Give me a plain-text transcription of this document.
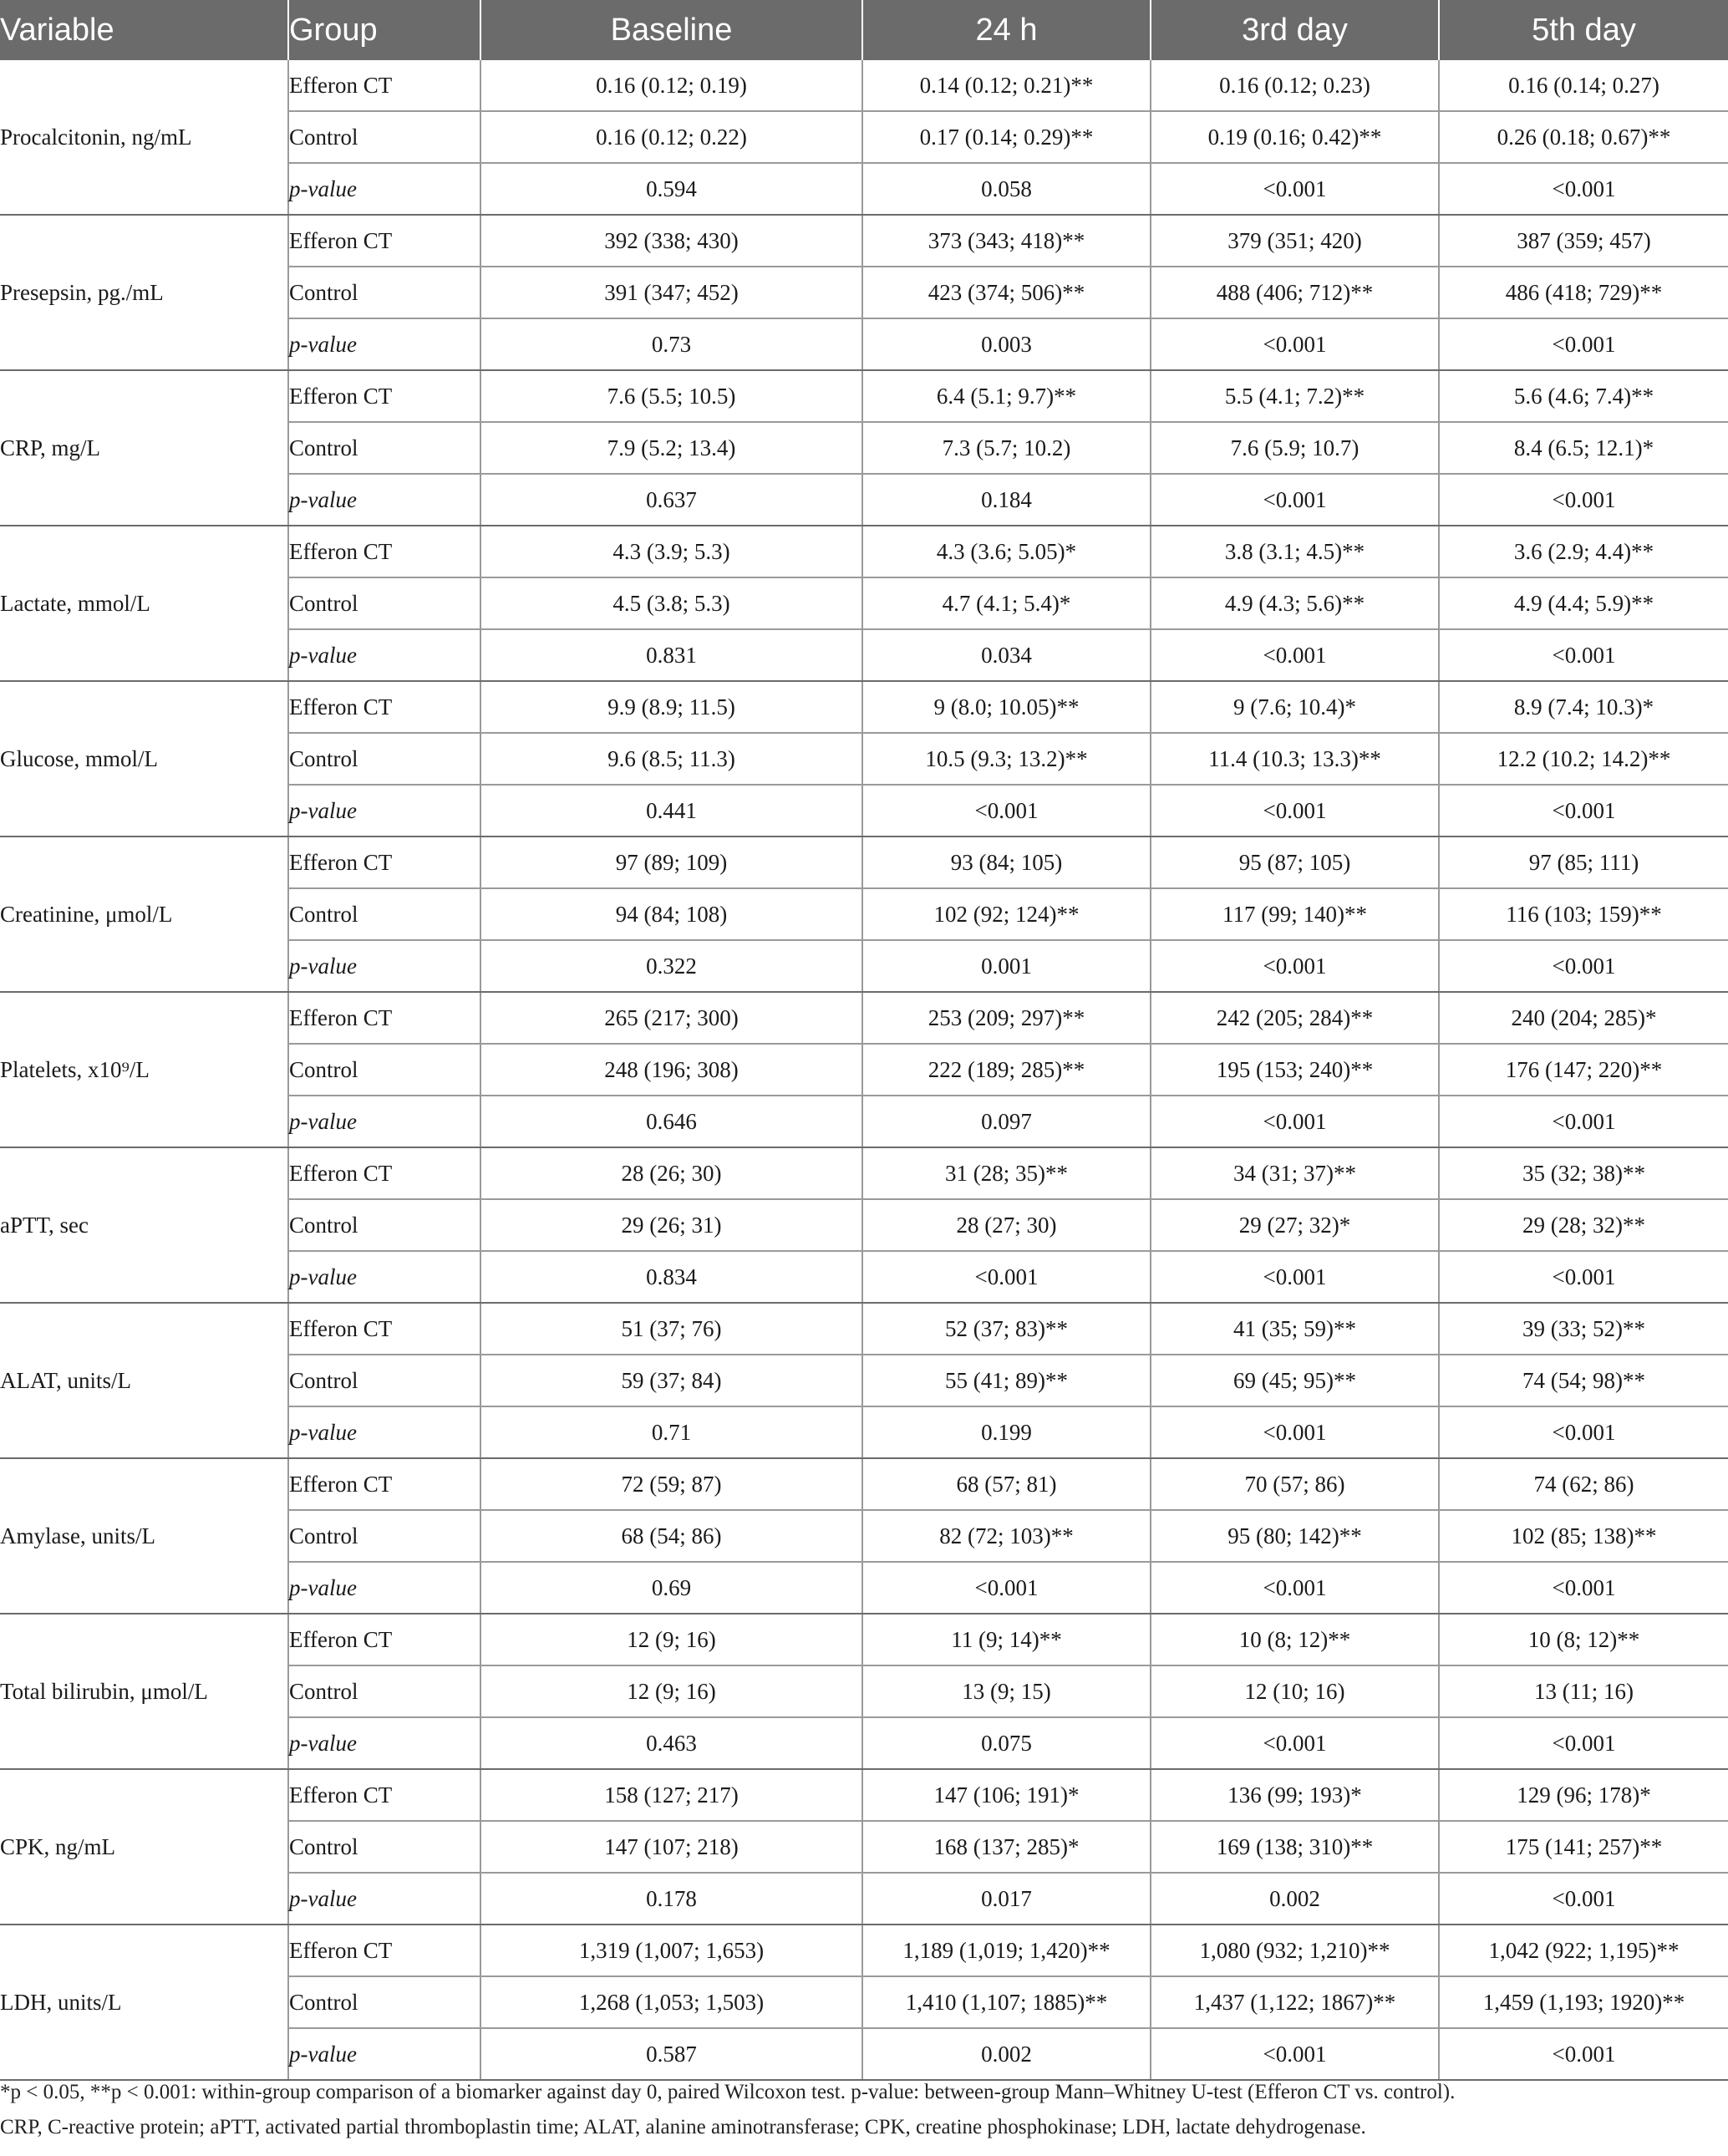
Variable	Group	Baseline	24 h	3rd day	5th day
Procalcitonin, ng/mL	Efferon CT	0.16 (0.12; 0.19)	0.14 (0.12; 0.21)**	0.16 (0.12; 0.23)	0.16 (0.14; 0.27)
	Control	0.16 (0.12; 0.22)	0.17 (0.14; 0.29)**	0.19 (0.16; 0.42)**	0.26 (0.18; 0.67)**
	p-value	0.594	0.058	<0.001	<0.001
Presepsin, pg./mL	Efferon CT	392 (338; 430)	373 (343; 418)**	379 (351; 420)	387 (359; 457)
	Control	391 (347; 452)	423 (374; 506)**	488 (406; 712)**	486 (418; 729)**
	p-value	0.73	0.003	<0.001	<0.001
CRP, mg/L	Efferon CT	7.6 (5.5; 10.5)	6.4 (5.1; 9.7)**	5.5 (4.1; 7.2)**	5.6 (4.6; 7.4)**
	Control	7.9 (5.2; 13.4)	7.3 (5.7; 10.2)	7.6 (5.9; 10.7)	8.4 (6.5; 12.1)*
	p-value	0.637	0.184	<0.001	<0.001
Lactate, mmol/L	Efferon CT	4.3 (3.9; 5.3)	4.3 (3.6; 5.05)*	3.8 (3.1; 4.5)**	3.6 (2.9; 4.4)**
	Control	4.5 (3.8; 5.3)	4.7 (4.1; 5.4)*	4.9 (4.3; 5.6)**	4.9 (4.4; 5.9)**
	p-value	0.831	0.034	<0.001	<0.001
Glucose, mmol/L	Efferon CT	9.9 (8.9; 11.5)	9 (8.0; 10.05)**	9 (7.6; 10.4)*	8.9 (7.4; 10.3)*
	Control	9.6 (8.5; 11.3)	10.5 (9.3; 13.2)**	11.4 (10.3; 13.3)**	12.2 (10.2; 14.2)**
	p-value	0.441	<0.001	<0.001	<0.001
Creatinine, μmol/L	Efferon CT	97 (89; 109)	93 (84; 105)	95 (87; 105)	97 (85; 111)
	Control	94 (84; 108)	102 (92; 124)**	117 (99; 140)**	116 (103; 159)**
	p-value	0.322	0.001	<0.001	<0.001
Platelets, x10⁹/L	Efferon CT	265 (217; 300)	253 (209; 297)**	242 (205; 284)**	240 (204; 285)*
	Control	248 (196; 308)	222 (189; 285)**	195 (153; 240)**	176 (147; 220)**
	p-value	0.646	0.097	<0.001	<0.001
aPTT, sec	Efferon CT	28 (26; 30)	31 (28; 35)**	34 (31; 37)**	35 (32; 38)**
	Control	29 (26; 31)	28 (27; 30)	29 (27; 32)*	29 (28; 32)**
	p-value	0.834	<0.001	<0.001	<0.001
ALAT, units/L	Efferon CT	51 (37; 76)	52 (37; 83)**	41 (35; 59)**	39 (33; 52)**
	Control	59 (37; 84)	55 (41; 89)**	69 (45; 95)**	74 (54; 98)**
	p-value	0.71	0.199	<0.001	<0.001
Amylase, units/L	Efferon CT	72 (59; 87)	68 (57; 81)	70 (57; 86)	74 (62; 86)
	Control	68 (54; 86)	82 (72; 103)**	95 (80; 142)**	102 (85; 138)**
	p-value	0.69	<0.001	<0.001	<0.001
Total bilirubin, μmol/L	Efferon CT	12 (9; 16)	11 (9; 14)**	10 (8; 12)**	10 (8; 12)**
	Control	12 (9; 16)	13 (9; 15)	12 (10; 16)	13 (11; 16)
	p-value	0.463	0.075	<0.001	<0.001
CPK, ng/mL	Efferon CT	158 (127; 217)	147 (106; 191)*	136 (99; 193)*	129 (96; 178)*
	Control	147 (107; 218)	168 (137; 285)*	169 (138; 310)**	175 (141; 257)**
	p-value	0.178	0.017	0.002	<0.001
LDH, units/L	Efferon CT	1,319 (1,007; 1,653)	1,189 (1,019; 1,420)**	1,080 (932; 1,210)**	1,042 (922; 1,195)**
	Control	1,268 (1,053; 1,503)	1,410 (1,107; 1885)**	1,437 (1,122; 1867)**	1,459 (1,193; 1920)**
	p-value	0.587	0.002	<0.001	<0.001
*p < 0.05, **p < 0.001: within-group comparison of a biomarker against day 0, paired Wilcoxon test. p-value: between-group Mann–Whitney U-test (Efferon CT vs. control).
CRP, C-reactive protein; aPTT, activated partial thromboplastin time; ALAT, alanine aminotransferase; CPK, creatine phosphokinase; LDH, lactate dehydrogenase.
